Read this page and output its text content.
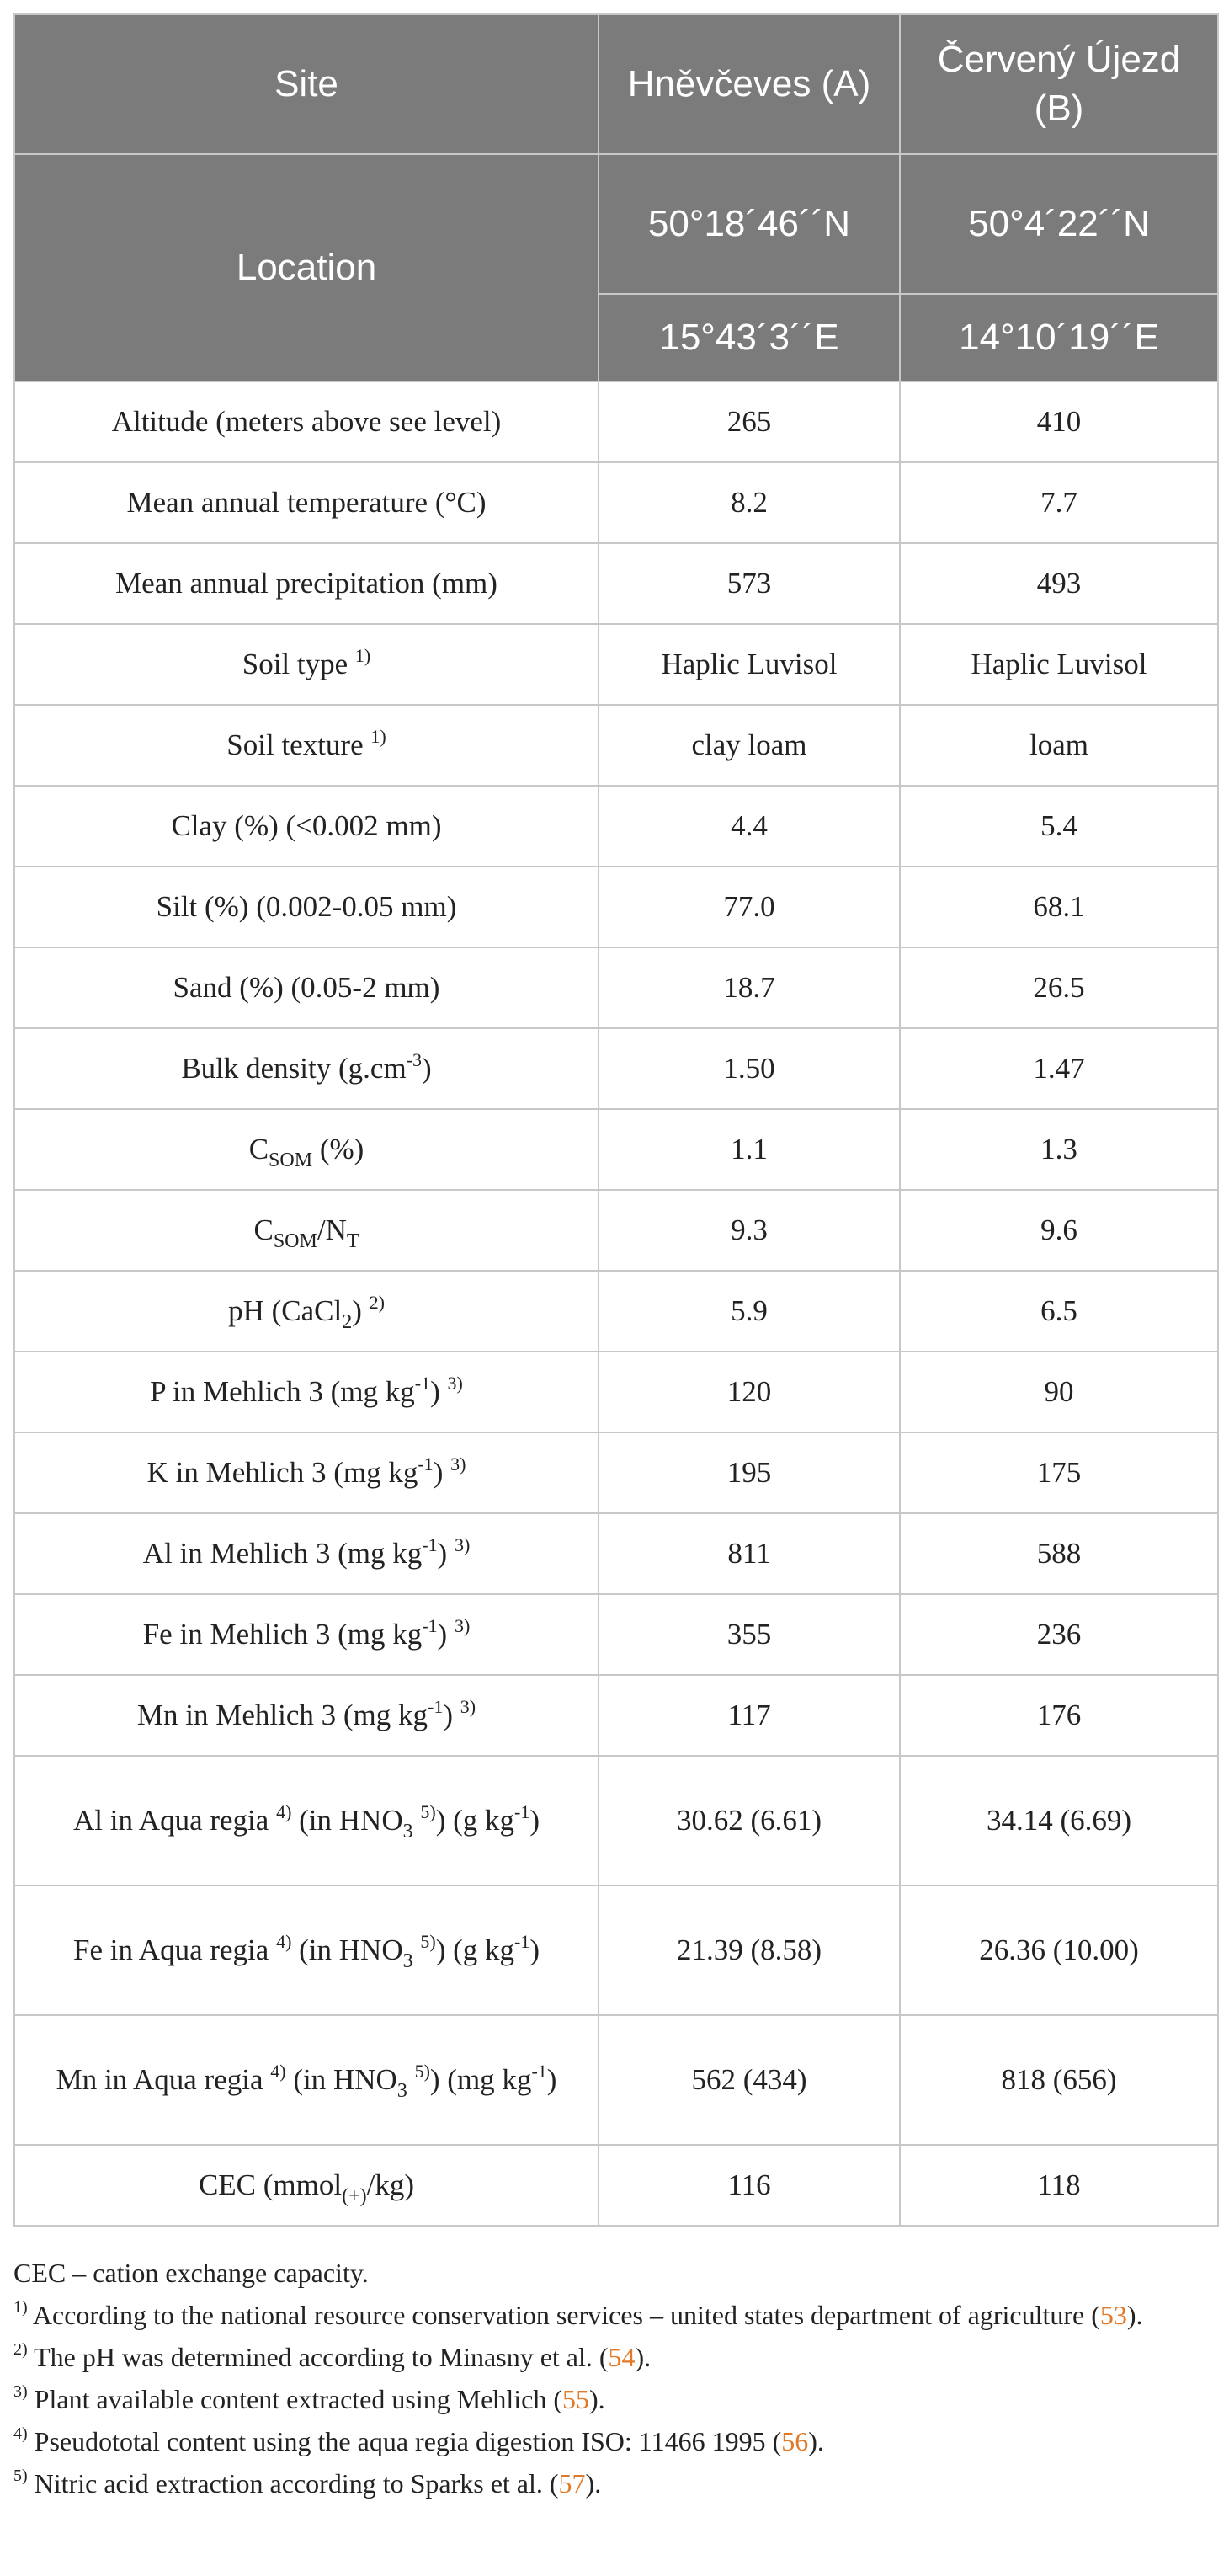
Site	Hněvčeves (A)	Červený Újezd (B)
Location	50°18´46´´N	50°4´22´´N
	15°43´3´´E	14°10´19´´E
Altitude (meters above see level)	265	410
Mean annual temperature (°C)	8.2	7.7
Mean annual precipitation (mm)	573	493
Soil type $^{1)}$	Haplic Luvisol	Haplic Luvisol
Soil texture $^{1)}$	clay loam	loam
Clay (%) (<0.002 mm)	4.4	5.4
Silt (%) (0.002-0.05 mm)	77.0	68.1
Sand (%) (0.05-2 mm)	18.7	26.5
Bulk density $(g.cm^{-3})$	1.50	1.47
$C_{SOM}$ (%)	1.1	1.3
$C_{SOM}/N_T$	9.3	9.6
pH (CaCl$_2$) $^{2)}$	5.9	6.5
P in Mehlich 3 (mg $kg^{-1}$) $^{3)}$	120	90
K in Mehlich 3 (mg $kg^{-1}$) $^{3)}$	195	175
Al in Mehlich 3 (mg $kg^{-1}$) $^{3)}$	811	588
Fe in Mehlich 3 (mg $kg^{-1}$) $^{3)}$	355	236
Mn in Mehlich 3 (mg $kg^{-1}$) $^{3)}$	117	176
Al in Aqua regia $^{4)}$ (in $HNO_3$ $^{5)}$) (g $kg^{-1}$)	30.62 (6.61)	34.14 (6.69)
Fe in Aqua regia $^{4)}$ (in $HNO_3$ $^{5)}$) (g $kg^{-1}$)	21.39 (8.58)	26.36 (10.00)
Mn in Aqua regia $^{4)}$ (in $HNO_3$ $^{5)}$) (mg $kg^{-1}$)	562 (434)	818 (656)
CEC (mmol$_{(+)}$/kg)	116	118

CEC – cation exchange capacity.

$^{1)}$ According to the national resource conservation services – united states department of agriculture (53).

$^{2)}$ The pH was determined according to Minasny et al. (54).

$^{3)}$ Plant available content extracted using Mehlich (55).

$^{4)}$ Pseudototal content using the aqua regia digestion ISO: 11466 1995 (56).

$^{5)}$ Nitric acid extraction according to Sparks et al. (57).
